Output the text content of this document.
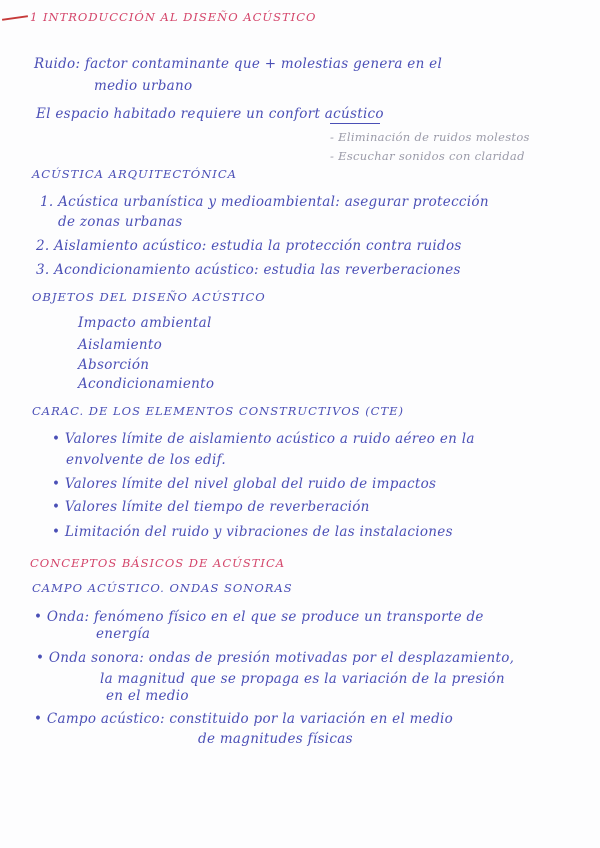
1 INTRODUCCIÓN AL DISEÑO ACÚSTICO
Ruido: factor contaminante que + molestias genera en el
medio urbano
El espacio habitado requiere un confort acústico
- Eliminación de ruidos molestos
- Escuchar sonidos con claridad
ACÚSTICA ARQUITECTÓNICA
1. Acústica urbanística y medioambiental: asegurar protección
de zonas urbanas
2. Aislamiento acústico: estudia la protección contra ruidos
3. Acondicionamiento acústico: estudia las reverberaciones
OBJETOS DEL DISEÑO ACÚSTICO
Impacto ambiental
Aislamiento
Absorción
Acondicionamiento
CARAC. DE LOS ELEMENTOS CONSTRUCTIVOS (CTE)
• Valores límite de aislamiento acústico a ruido aéreo en la
envolvente de los edif.
• Valores límite del nivel global del ruido de impactos
• Valores límite del tiempo de reverberación
• Limitación del ruido y vibraciones de las instalaciones
CONCEPTOS BÁSICOS DE ACÚSTICA
CAMPO ACÚSTICO. ONDAS SONORAS
• Onda: fenómeno físico en el que se produce un transporte de
energía
• Onda sonora: ondas de presión motivadas por el desplazamiento,
la magnitud que se propaga es la variación de la presión
en el medio
• Campo acústico: constituido por la variación en el medio
de magnitudes físicas
